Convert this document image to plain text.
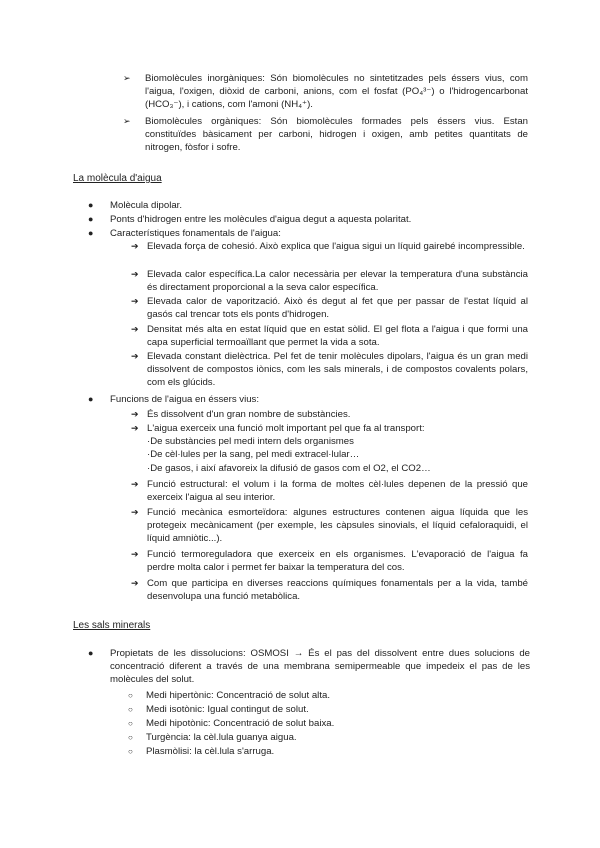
➢ Biomolècules inorgàniques: Són biomolècules no sintetitzades pels éssers vius, com l'aigua, l'oxigen, diòxid de carboni, anions, com el fosfat (PO₄³⁻) o l'hidrogencarbonat (HCO₃⁻), i cations, com l'amoni (NH₄⁺).
➢ Biomolècules orgàniques: Són biomolècules formades pels éssers vius. Estan constituïdes bàsicament per carboni, hidrogen i oxigen, amb petites quantitats de nitrogen, fòsfor i sofre.
La molècula d'aigua
● Molècula dipolar.
● Ponts d'hidrogen entre les molècules d'aigua degut a aquesta polaritat.
● Característiques fonamentals de l'aigua:
➔ Elevada força de cohesió. Això explica que l'aigua sigui un líquid gairebé incompressible.
➔ Elevada calor específica.La calor necessària per elevar la temperatura d'una substància és directament proporcional a la seva calor específica.
➔ Elevada calor de vaporització. Això és degut al fet que per passar de l'estat líquid al gasós cal trencar tots els ponts d'hidrogen.
➔ Densitat més alta en estat líquid que en estat sòlid. El gel flota a l'aigua i que formi una capa superficial termoaïllant que permet la vida a sota.
➔ Elevada constant dielèctrica. Pel fet de tenir molècules dipolars, l'aigua és un gran medi dissolvent de compostos iònics, com les sals minerals, i de compostos covalents polars, com els glúcids.
● Funcions de l'aigua en éssers vius:
➔ És dissolvent d'un gran nombre de substàncies.
➔ L'aigua exerceix una funció molt important pel que fa al transport:
·De substàncies pel medi intern dels organismes
·De cèl·lules per la sang, pel medi extracel·lular…
·De gasos, i així afavoreix la difusió de gasos com el O2, el CO2…
➔ Funció estructural: el volum i la forma de moltes cèl·lules depenen de la pressió que exerceix l'aigua al seu interior.
➔ Funció mecànica esmorteïdora: algunes estructures contenen aigua líquida que les protegeix mecànicament (per exemple, les càpsules sinovials, el líquid cefaloraquidi, el líquid amniòtic...).
➔ Funció termoreguladora que exerceix en els organismes. L'evaporació de l'aigua fa perdre molta calor i permet fer baixar la temperatura del cos.
➔ Com que participa en diverses reaccions químiques fonamentals per a la vida, també desenvolupa una funció metabòlica.
Les sals minerals
● Propietats de les dissolucions: OSMOSI → És el pas del dissolvent entre dues solucions de concentració diferent a través de una membrana semipermeable que impedeix el pas de les molècules del solut.
○ Medi hipertònic: Concentració de solut alta.
○ Medi isotònic: Igual contingut de solut.
○ Medi hipotònic: Concentració de solut baixa.
○ Turgència: la cèl.lula guanya aigua.
○ Plasmòlisi: la cèl.lula s'arruga.
